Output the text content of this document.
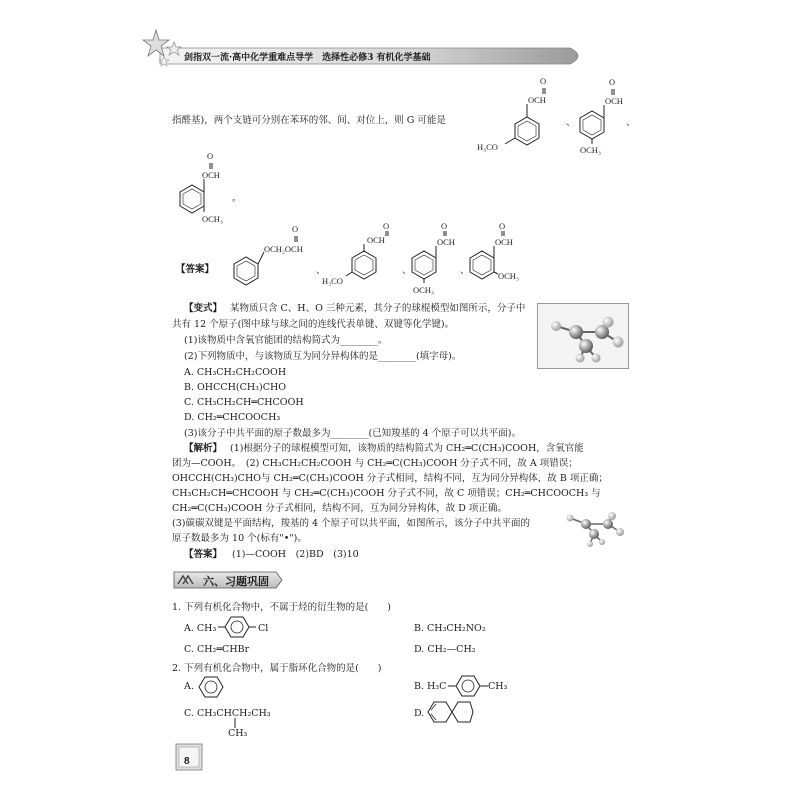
剑指双一流·高中化学重难点导学　选择性必修3 有机化学基础
指醛基)，两个支链可分别在苯环的邻、间、对位上，则 G 可能是
O
OCH
H₃CO
、
O
OCH
OCH₃
、
O
OCH
OCH₃
。
【答案】
O
OCH₂OCH
、
O
OCH
H₃CO
、
O
OCH
OCH₃
、
O
OCH
OCH₃
【变式】 某物质只含 C、H、O 三种元素，其分子的球棍模型如图所示，分子中
共有 12 个原子(图中球与球之间的连线代表单键、双键等化学键)。
(1)该物质中含氧官能团的结构简式为________。
(2)下列物质中，与该物质互为同分异构体的是________(填字母)。
A. CH₃CH₂CH₂COOH
B. OHCCH(CH₃)CHO
C. CH₃CH₂CH═CHCOOH
D. CH₂═CHCOOCH₃
(3)该分子中共平面的原子数最多为________(已知羧基的 4 个原子可以共平面)。
【解析】 (1)根据分子的球棍模型可知，该物质的结构简式为 CH₂═C(CH₃)COOH，含氧官能
团为—COOH。　(2) CH₃CH₂CH₂COOH 与 CH₂═C(CH₃)COOH 分子式不同，故 A 项错误；
OHCCH(CH₃)CHO与 CH₂═C(CH₃)COOH 分子式相同，结构不同，互为同分异构体，故 B 项正确；
CH₃CH₂CH═CHCOOH 与 CH₂═C(CH₃)COOH 分子式不同，故 C 项错误；CH₂═CHCOOCH₃ 与
CH₂═C(CH₃)COOH 分子式相同，结构不同，互为同分异构体，故 D 项正确。
(3)碳碳双键是平面结构，羧基的 4 个原子可以共平面，如图所示，该分子中共平面的
原子数最多为 10 个(标有"•")。
【答案】 (1)—COOH　(2)BD　(3)10
六、习题巩固
1. 下列有机化合物中，不属于烃的衍生物的是(　　)
A. CH₃	Cl	B. CH₃CH₂NO₂
C. CH₂═CHBr	D. CH₂—CH₂
2. 下列有机化合物中，属于脂环化合物的是(　　)
A.	B. H₃C	CH₃
C. CH₃CHCH₂CH₃
CH₃
D.
8
